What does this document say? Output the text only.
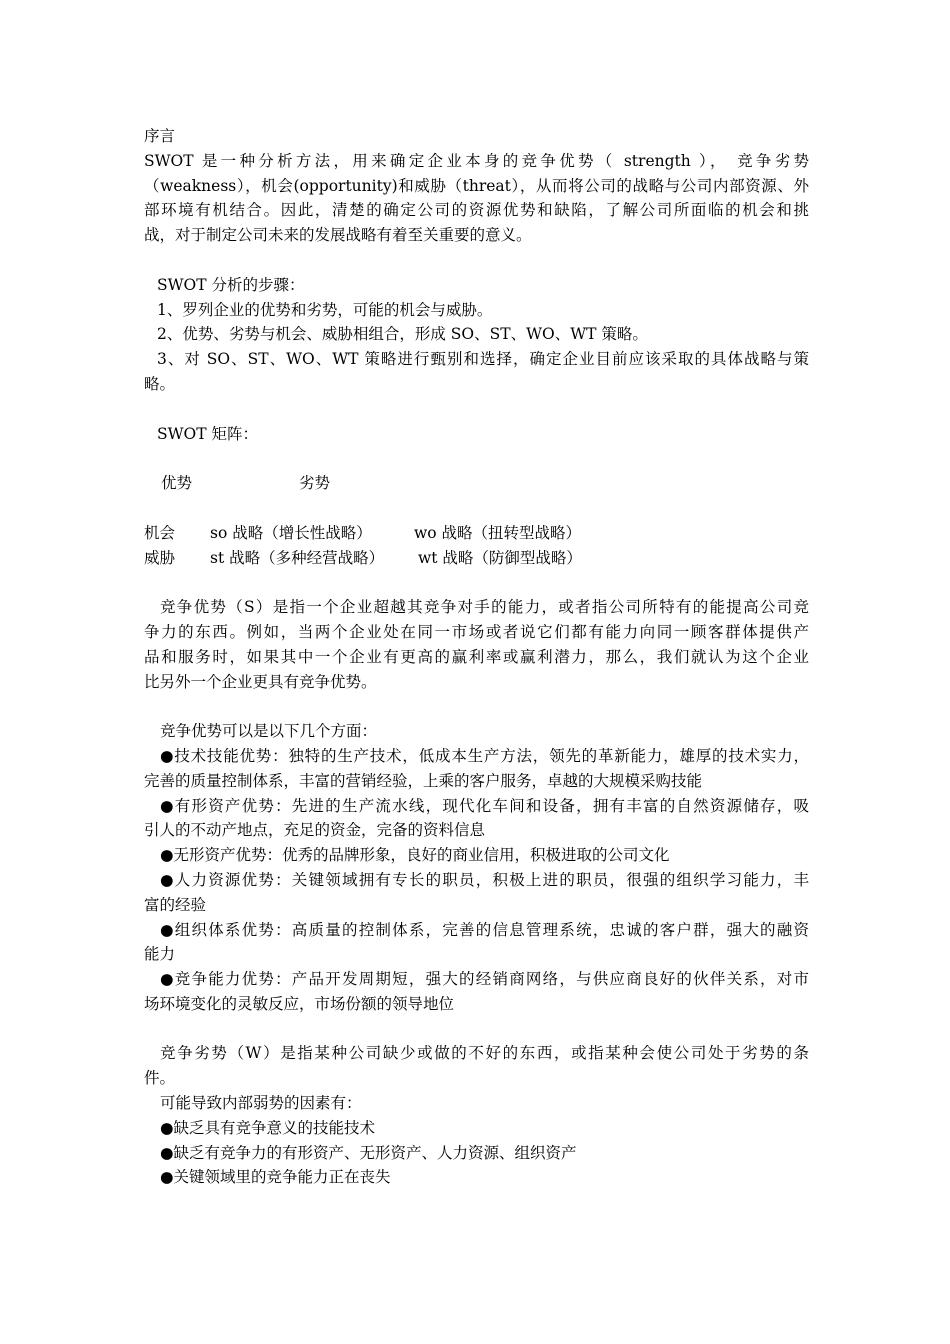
序言
SWOT 是一种分析方法，用来确定企业本身的竞争优势（ strength ）， 竞争劣势
（weakness），机会(opportunity)和威胁（threat），从而将公司的战略与公司内部资源、外
部环境有机结合。因此，清楚的确定公司的资源优势和缺陷，了解公司所面临的机会和挑
战，对于制定公司未来的发展战略有着至关重要的意义。
SWOT 分析的步骤：
1、罗列企业的优势和劣势，可能的机会与威胁。
2、优势、劣势与机会、威胁相组合，形成 SO、ST、WO、WT 策略。
3、对 SO、ST、WO、WT 策略进行甄别和选择，确定企业目前应该采取的具体战略与策
略。
SWOT 矩阵：
优势	劣势
机会 so 战略（增长性战略）	wo 战略（扭转型战略）
威胁 st 战略（多种经营战略） wt 战略（防御型战略）
竞争优势（S）是指一个企业超越其竞争对手的能力，或者指公司所特有的能提高公司竞
争力的东西。例如，当两个企业处在同一市场或者说它们都有能力向同一顾客群体提供产
品和服务时，如果其中一个企业有更高的赢利率或赢利潜力，那么，我们就认为这个企业
比另外一个企业更具有竞争优势。
竞争优势可以是以下几个方面：
●技术技能优势：独特的生产技术，低成本生产方法，领先的革新能力，雄厚的技术实力，
完善的质量控制体系，丰富的营销经验，上乘的客户服务，卓越的大规模采购技能
●有形资产优势：先进的生产流水线，现代化车间和设备，拥有丰富的自然资源储存，吸
引人的不动产地点，充足的资金，完备的资料信息
●无形资产优势：优秀的品牌形象，良好的商业信用，积极进取的公司文化
●人力资源优势：关键领域拥有专长的职员，积极上进的职员，很强的组织学习能力，丰
富的经验
●组织体系优势：高质量的控制体系，完善的信息管理系统，忠诚的客户群，强大的融资
能力
●竞争能力优势：产品开发周期短，强大的经销商网络，与供应商良好的伙伴关系，对市
场环境变化的灵敏反应，市场份额的领导地位
竞争劣势（W）是指某种公司缺少或做的不好的东西，或指某种会使公司处于劣势的条
件。
可能导致内部弱势的因素有：
●缺乏具有竞争意义的技能技术
●缺乏有竞争力的有形资产、无形资产、人力资源、组织资产
●关键领域里的竞争能力正在丧失
